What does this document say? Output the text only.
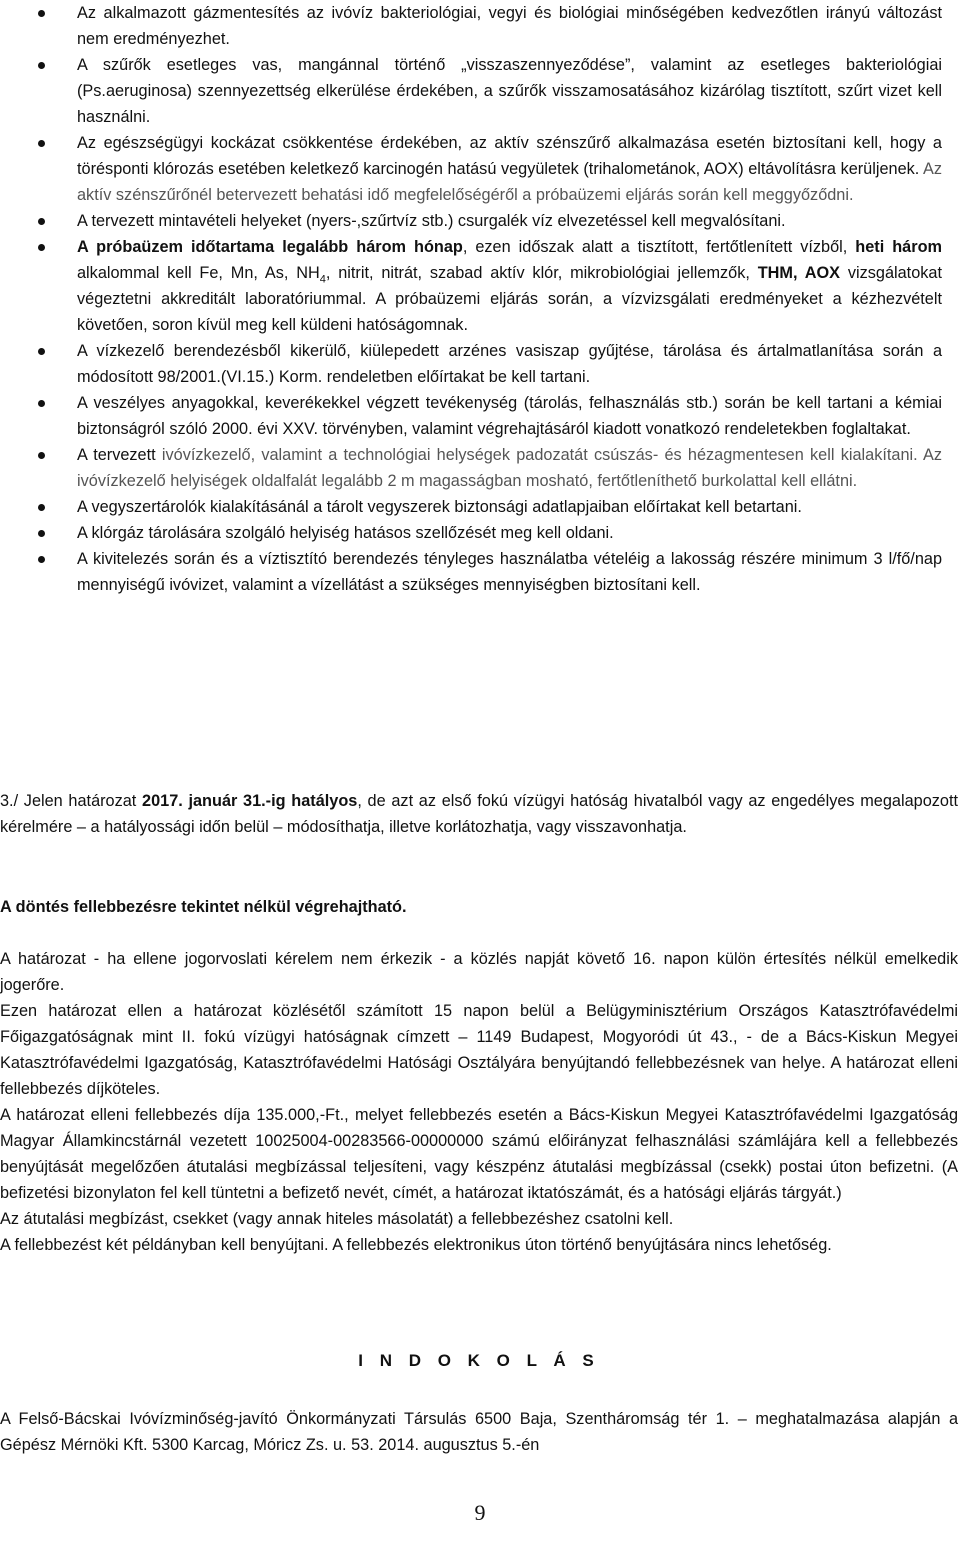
Az alkalmazott gázmentesítés az ivóvíz bakteriológiai, vegyi és biológiai minőségében kedvezőtlen irányú változást nem eredményezhet.
A szűrők esetleges vas, mangánnal történő „visszaszennyeződése”, valamint az esetleges bakteriológiai (Ps.aeruginosa) szennyezettség elkerülése érdekében, a szűrők visszamosatásához kizárólag tisztított, szűrt vizet kell használni.
Az egészségügyi kockázat csökkentése érdekében, az aktív szénszűrő alkalmazása esetén biztosítani kell, hogy a törésponti klórozás esetében keletkező karcinogén hatású vegyületek (trihalometánok, AOX) eltávolításra kerüljenek. Az aktív szénszűrőnél betervezett behatási idő megfelelőségéről a próbaüzemi eljárás során kell meggyőződni.
A tervezett mintavételi helyeket (nyers-,szűrtvíz stb.) csurgalék víz elvezetéssel kell megvalósítani.
A próbaüzem időtartama legalább három hónap, ezen időszak alatt a tisztított, fertőtlenített vízből, heti három alkalommal kell Fe, Mn, As, $NH_4$, nitrit, nitrát, szabad aktív klór, mikrobiológiai jellemzők, THM, AOX vizsgálatokat végeztetni akkreditált laboratóriummal. A próbaüzemi eljárás során, a vízvizsgálati eredményeket a kézhezvételt követően, soron kívül meg kell küldeni hatóságomnak.
A vízkezelő berendezésből kikerülő, kiülepedett arzénes vasiszap gyűjtése, tárolása és ártalmatlanítása során a módosított 98/2001.(VI.15.) Korm. rendeletben előírtakat be kell tartani.
A veszélyes anyagokkal, keverékekkel végzett tevékenység (tárolás, felhasználás stb.) során be kell tartani a kémiai biztonságról szóló 2000. évi XXV. törvényben, valamint végrehajtásáról kiadott vonatkozó rendeletekben foglaltakat.
A tervezett ivóvízkezelő, valamint a technológiai helységek padozatát csúszás- és hézagmentesen kell kialakítani. Az ivóvízkezelő helyiségek oldalfalát legalább 2 m magasságban mosható, fertőtleníthető burkolattal kell ellátni.
A vegyszertárolók kialakításánál a tárolt vegyszerek biztonsági adatlapjaiban előírtakat kell betartani.
A klórgáz tárolására szolgáló helyiség hatásos szellőzését meg kell oldani.
A kivitelezés során és a víztisztító berendezés tényleges használatba vételéig a lakosság részére minimum 3 l/fő/nap mennyiségű ivóvizet, valamint a vízellátást a szükséges mennyiségben biztosítani kell.

3./ Jelen határozat 2017. január 31.-ig hatályos, de azt az első fokú vízügyi hatóság hivatalból vagy az engedélyes megalapozott kérelmére – a hatályossági időn belül – módosíthatja, illetve korlátozhatja, vagy visszavonhatja.

A döntés fellebbezésre tekintet nélkül végrehajtható.

A határozat - ha ellene jogorvoslati kérelem nem érkezik - a közlés napját követő 16. napon külön értesítés nélkül emelkedik jogerőre.

Ezen határozat ellen a határozat közlésétől számított 15 napon belül a Belügyminisztérium Országos Katasztrófavédelmi Főigazgatóságnak mint II. fokú vízügyi hatóságnak címzett – 1149 Budapest, Mogyoródi út 43., - de a Bács-Kiskun Megyei Katasztrófavédelmi Igazgatóság, Katasztrófavédelmi Hatósági Osztályára benyújtandó fellebbezésnek van helye. A határozat elleni fellebbezés díjköteles.

A határozat elleni fellebbezés díja 135.000,-Ft., melyet fellebbezés esetén a Bács-Kiskun Megyei Katasztrófavédelmi Igazgatóság Magyar Államkincstárnál vezetett 10025004-00283566-00000000 számú előirányzat felhasználási számlájára kell a fellebbezés benyújtását megelőzően átutalási megbízással teljesíteni, vagy készpénz átutalási megbízással (csekk) postai úton befizetni. (A befizetési bizonylaton fel kell tüntetni a befizető nevét, címét, a határozat iktatószámát, és a hatósági eljárás tárgyát.)

Az átutalási megbízást, csekket (vagy annak hiteles másolatát) a fellebbezéshez csatolni kell.

A fellebbezést két példányban kell benyújtani. A fellebbezés elektronikus úton történő benyújtására nincs lehetőség.

I N D O K O L Á S

A Felső-Bácskai Ivóvízminőség-javító Önkormányzati Társulás 6500 Baja, Szentháromság tér 1. – meghatalmazása alapján a Gépész Mérnöki Kft. 5300 Karcag, Móricz Zs. u. 53. 2014. augusztus 5.-én

9
